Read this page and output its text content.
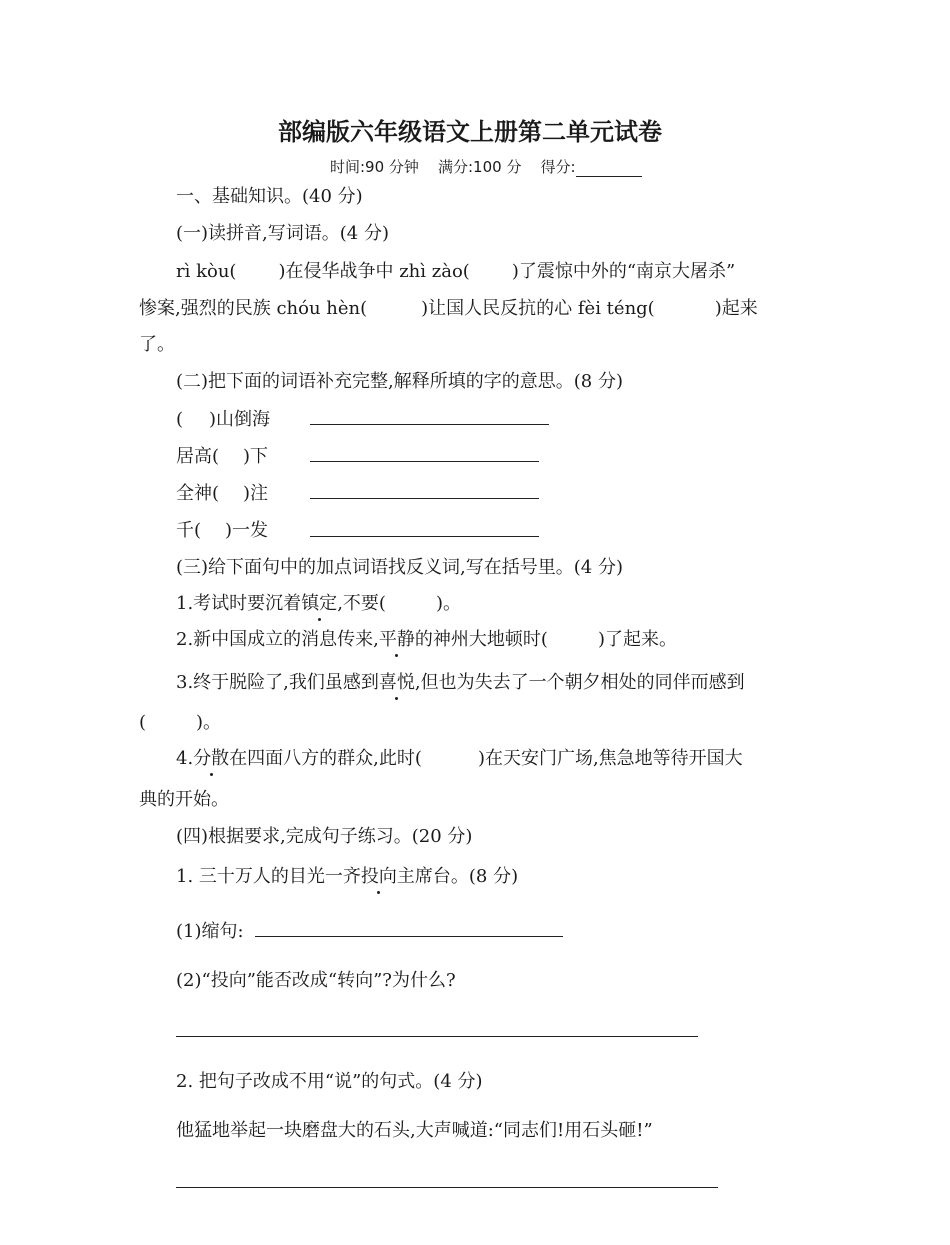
部编版六年级语文上册第二单元试卷
时间:90 分钟 满分:100 分 得分:
一、基础知识。(40 分)
(一)读拼音,写词语。(4 分)
rì kòu( )在侵华战争中 zhì zào( )了震惊中外的“南京大屠杀”
惨案,强烈的民族 chóu hèn(	)让国人民反抗的心 fèi téng(	)起来
了。
(二)把下面的词语补充完整,解释所填的字的意思。(8 分)
( )山倒海
居高( )下
全神( )注
千( )一发
(三)给下面句中的加点词语找反义词,写在括号里。(4 分)
1.考试时要沉着镇定,不要(	)。
2.新中国成立的消息传来,平静的神州大地顿时(	)了起来。
3.终于脱险了,我们虽感到喜悦,但也为失去了一个朝夕相处的同伴而感到
(	)。
4.分散在四面八方的群众,此时(	)在天安门广场,焦急地等待开国大
典的开始。
(四)根据要求,完成句子练习。(20 分)
1. 三十万人的目光一齐投向主席台。(8 分)
(1)缩句:
(2)“投向”能否改成“转向”?为什么?
2. 把句子改成不用“说”的句式。(4 分)
他猛地举起一块磨盘大的石头,大声喊道:“同志们!用石头砸!”
